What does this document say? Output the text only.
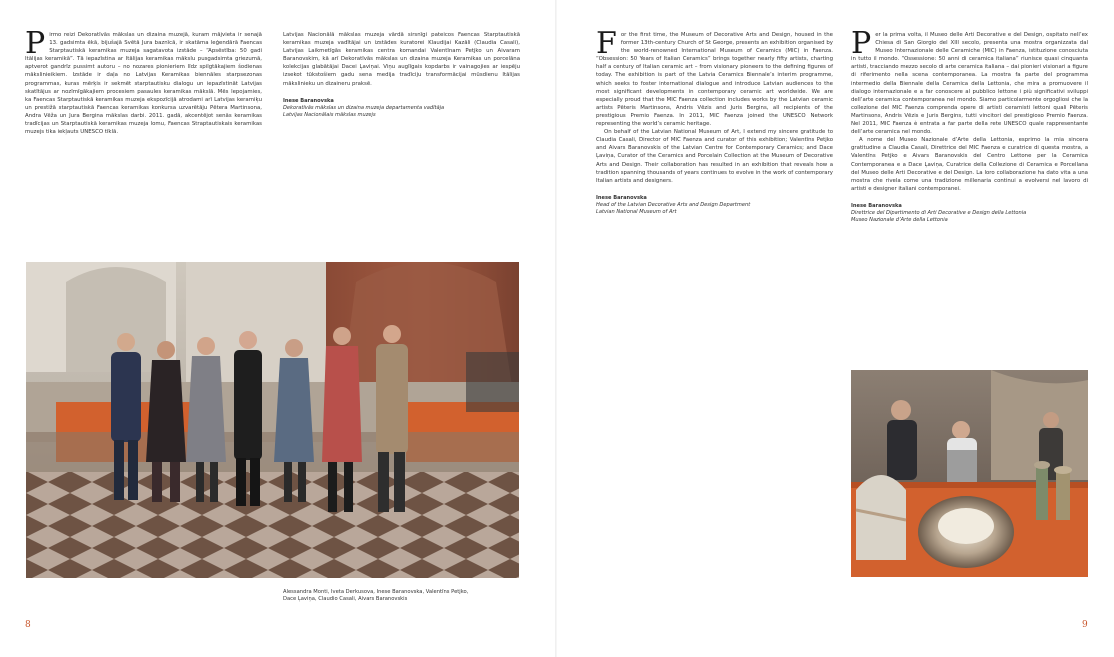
P irmo reizi Dekoratīvās mākslas un dizaina muzejā, kuram mājvieta ir senajā 13. gadsimta ēkā, bijušajā Svētā Jura baznīcā, ir skatāma leģendārā Faencas Starptautiskā keramikas muzeja sagatavota izstāde – “Apsēstība: 50 gadi Itālijas keramikā”. Tā iepazīstina ar Itālijas keramikas mākslu pusgadsimta griezumā, aptverot gandrīz pussimt autoru – no nozares pionieriem līdz spilgtākajiem šodienas mākslinieikiem. Izstāde ir daļa no Latvijas Keramikas biennāles starpsezonas programmas, kuras mērķis ir sekmēt starptautisku dialogu un iepazīstināt Latvijas skatītājus ar nozīmīgākajiem procesiem pasaules keramikas mākslā. Mēs lepojamies, ka Faencas Starptautiskā keramikas muzeja ekspozīcijā atrodami arī Latvijas keramiķu un prestižā starptautiskā Faencas keramikas konkursa uzvarētāju Pētera Martinsona, Andra Vēža un Jura Berginа mākslas darbi. 2011. gadā, akcentējot senās keramikas tradīcijas un Starptautiskā keramikas muzeja lomu, Faencas Straptautiskais keramikas muzejs tika iekļauts UNESCO tīklā.

Latvijas Nacionālā mākslas muzeja vārdā sirsnīgi pateicos Faencas Starptautiskā keramikas muzeja vadītājai un izstādes kuratorei Klaudijai Kazāli (Claudia Casali), Latvijas Laikmetīgās keramikas centra komandai Valentīnam Petjko un Aivaram Baranovskim, kā arī Dekoratīvās mākslas un dizaina muzeja Keramikas un porcelāna kolekcijas glabātājai Dacei Ļaviņai. Viņu auglīgais kopdarbs ir vainagojies ar iespēju izsekot tūkstošiem gadu sena medija tradīciju transformācijai mūsdienu Itālijas mākslinieku un dizaineru praksē.

Inese Baranovska
Dekoratīvās mākslas un dizaina muzeja departamenta vadītāja
Latvijas Nacionālais mākslas muzejs
Alessandra Monti, Iveta Derkusova, Inese Baranovska, Valentīns Petjko,
Dace Ļaviņa, Claudio Casali, Aivars Baranovskis
8
F or the first time, the Museum of Decorative Arts and Design, housed in the former 13th-century Church of St George, presents an exhibition organised by the world-renowned International Museum of Ceramics (MIC) in Faenza. “Obsession: 50 Years of Italian Ceramics” brings together nearly fifty artists, charting half a century of Italian ceramic art – from visionary pioneers to the defining figures of today. The exhibition is part of the Latvia Ceramics Biennale’s interim programme, which seeks to foster international dialogue and introduce Latvian audiences to the most significant developments in contemporary ceramic art worldwide. We are especially proud that the MIC Faenza collection includes works by the Latvian ceramic artists Pēteris Martinsons, Andris Vēzis and Juris Bergins, all recipients of the prestigious Premio Faenza. In 2011, MIC Faenza joined the UNESCO Network representing the world’s ceramic heritage.

On behalf of the Latvian National Museum of Art, I extend my sincere gratitude to Claudia Casali, Director of MIC Faenza and curator of this exhibition; Valentīns Petjko and Aivars Baranovskis of the Latvian Centre for Contemporary Ceramics; and Dace Ļaviņa, Curator of the Ceramics and Porcelain Collection at the Museum of Decorative Arts and Design. Their collaboration has resulted in an exhibition that reveals how a tradition spanning thousands of years continues to evolve in the work of contemporary Italian artists and designers.

Inese Baranovska
Head of the Latvian Decorative Arts and Design Department
Latvian National Museum of Art
P er la prima volta, il Museo delle Arti Decorative e del Design, ospitato nell’ex Chiesa di San Giorgio del XIII secolo, presenta una mostra organizzata dal Museo Internazionale delle Ceramiche (MIC) in Faenza, istituzione conosciuta in tutto il mondo. “Ossessione: 50 anni di ceramica italiana” riunisce quasi cinquanta artisti, tracciando mezzo secolo di arte ceramica italiana – dai pionieri visionari a figure di riferimento nella scena contemporanea. La mostra fa parte del programma intermedio della Biennale della Ceramica della Lettonia, che mira a promuovere il dialogo internazionale e a far conoscere al pubblico lettone i più significativi sviluppi dell’arte ceramica contemporanea nel mondo. Siamo particolarmente orgogliosi che la collezione del MIC Faenza comprenda opere di artisti ceramisti lettoni quali Pēteris Martinsons, Andris Vēzis e Juris Bergins, tutti vincitori del prestigioso Premio Faenza. Nel 2011, MIC Faenza è entrata a far parte della rete UNESCO quale rappresentante dell’arte ceramica nel mondo.

A nome del Museo Nazionale d’Arte della Lettonia, esprimo la mia sincera gratitudine a Claudia Casali, Direttrice del MIC Faenza e curatrice di questa mostra, a Valentīns Petjko e Aivars Baranovskis del Centro Lettone per la Ceramica Contemporanea e a Dace Ļaviņa, Curatrice della Collezione di Ceramica e Porcellana del Museo delle Arti Decorative e del Design. La loro collaborazione ha dato vita a una mostra che rivela come una tradizione millenaria continui a evolversi nel lavoro di artisti e designer italiani contemporanei.

Inese Baranovska
Direttrice del Dipartimento di Arti Decorative e Design della Lettonia
Museo Nazionale d’Arte della Lettonia
9
